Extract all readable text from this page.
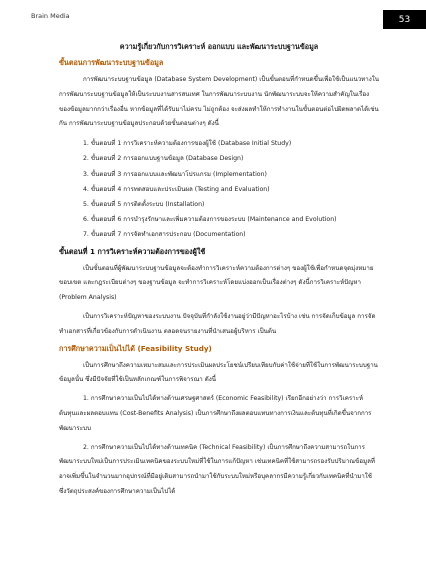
Brain Media	53
ความรู้เกี่ยวกับการวิเคราะห์ ออกแบบ และพัฒนาระบบฐานข้อมูล
ขั้นตอนการพัฒนาระบบฐานข้อมูล

การพัฒนาระบบฐานข้อมูล (Database System Development) เป็นขั้นตอนที่กำหนดขึ้นเพื่อใช้เป็นแนวทางในการพัฒนาระบบฐานข้อมูลให้เป็นระบบงานสารสนเทศ ในการพัฒนาระบบงาน นักพัฒนาระบบจะให้ความสำคัญในเรื่องของข้อมูลมากกว่าเรื่องอื่น หากข้อมูลที่ได้รับมาไม่ครบ ไม่ถูกต้อง จะส่งผลทำให้การทำงานในขั้นตอนต่อไปผิดพลาดได้เช่นกัน การพัฒนาระบบฐานข้อมูลประกอบด้วยขั้นตอนต่างๆ ดังนี้

1. ขั้นตอนที่ 1 การวิเคราะห์ความต้องการของผู้ใช้ (Database Initial Study)
2. ขั้นตอนที่ 2 การออกแบบฐานข้อมูล (Database Design)
3. ขั้นตอนที่ 3 การออกแบบและพัฒนาโปรแกรม (Implementation)
4. ขั้นตอนที่ 4 การทดสอบและประเมินผล (Testing and Evaluation)
5. ขั้นตอนที่ 5 การติดตั้งระบบ (Installation)
6. ขั้นตอนที่ 6 การบำรุงรักษาและเพิ่มความต้องการของระบบ (Maintenance and Evolution)
7. ขั้นตอนที่ 7 การจัดทำเอกสารประกอบ (Documentation)
ขั้นตอนที่ 1 การวิเคราะห์ความต้องการของผู้ใช้

เป็นขั้นตอนที่ผู้พัฒนาระบบฐานข้อมูลจะต้องทำการวิเคราะห์ความต้องการต่างๆ ของผู้ใช้เพื่อกำหนดจุดมุ่งหมาย ขอบเขต และกฎระเบียบต่างๆ ของฐานข้อมูล จะทำการวิเคราะห์โดยแบ่งออกเป็นเรื่องต่างๆ ดังนี้การวิเคราะห์ปัญหา (Problem Analysis)

เป็นการวิเคราะห์ปัญหาของระบบงาน ปัจจุบันที่กำลังใช้งานอยู่ว่ามีปัญหาอะไรบ้าง เช่น การจัดเก็บข้อมูล การจัดทำเอกสารที่เกี่ยวข้องกับการดำเนินงาน ตลอดจนรายงานที่นำเสนอผู้บริหาร เป็นต้น

การศึกษาความเป็นไปได้ (Feasibility Study)

เป็นการศึกษาถึงความเหมาะสมและการประเมินผลประโยชน์เปรียบเทียบกับค่าใช้จ่ายที่ใช้ในการพัฒนาระบบฐานข้อมูลนั้น ซึ่งมีปัจจัยที่ใช้เป็นหลักเกณฑ์ในการพิจารณา ดังนี้

1. การศึกษาความเป็นไปได้ทางด้านเศรษฐศาสตร์ (Economic Feasibility) เรียกอีกอย่างว่า การวิเคราะห์ต้นทุนและผลตอบแทน (Cost-Benefits Analysis) เป็นการศึกษาถึงผลตอบแทนทางการเงินและต้นทุนที่เกิดขึ้นจากการพัฒนาระบบ

2. การศึกษาความเป็นไปได้ทางด้านเทคนิค (Technical Feasibility) เป็นการศึกษาถึงความสามารถในการพัฒนาระบบใหม่เป็นการประเมินเทคนิคของระบบใหม่ที่ใช้ในการแก้ปัญหา เช่นเทคนิคที่ใช้สามารถรองรับปริมาณข้อมูลที่อาจเพิ่มขึ้นในจำนวนมากอุปกรณ์ที่มีอยู่เดิมสามารถนำมาใช้กับระบบใหม่หรือบุคลากรมีความรู้เกี่ยวกับเทคนิคที่นำมาใช้ซึ่งวัตถุประสงค์ของการศึกษาความเป็นไปได้
